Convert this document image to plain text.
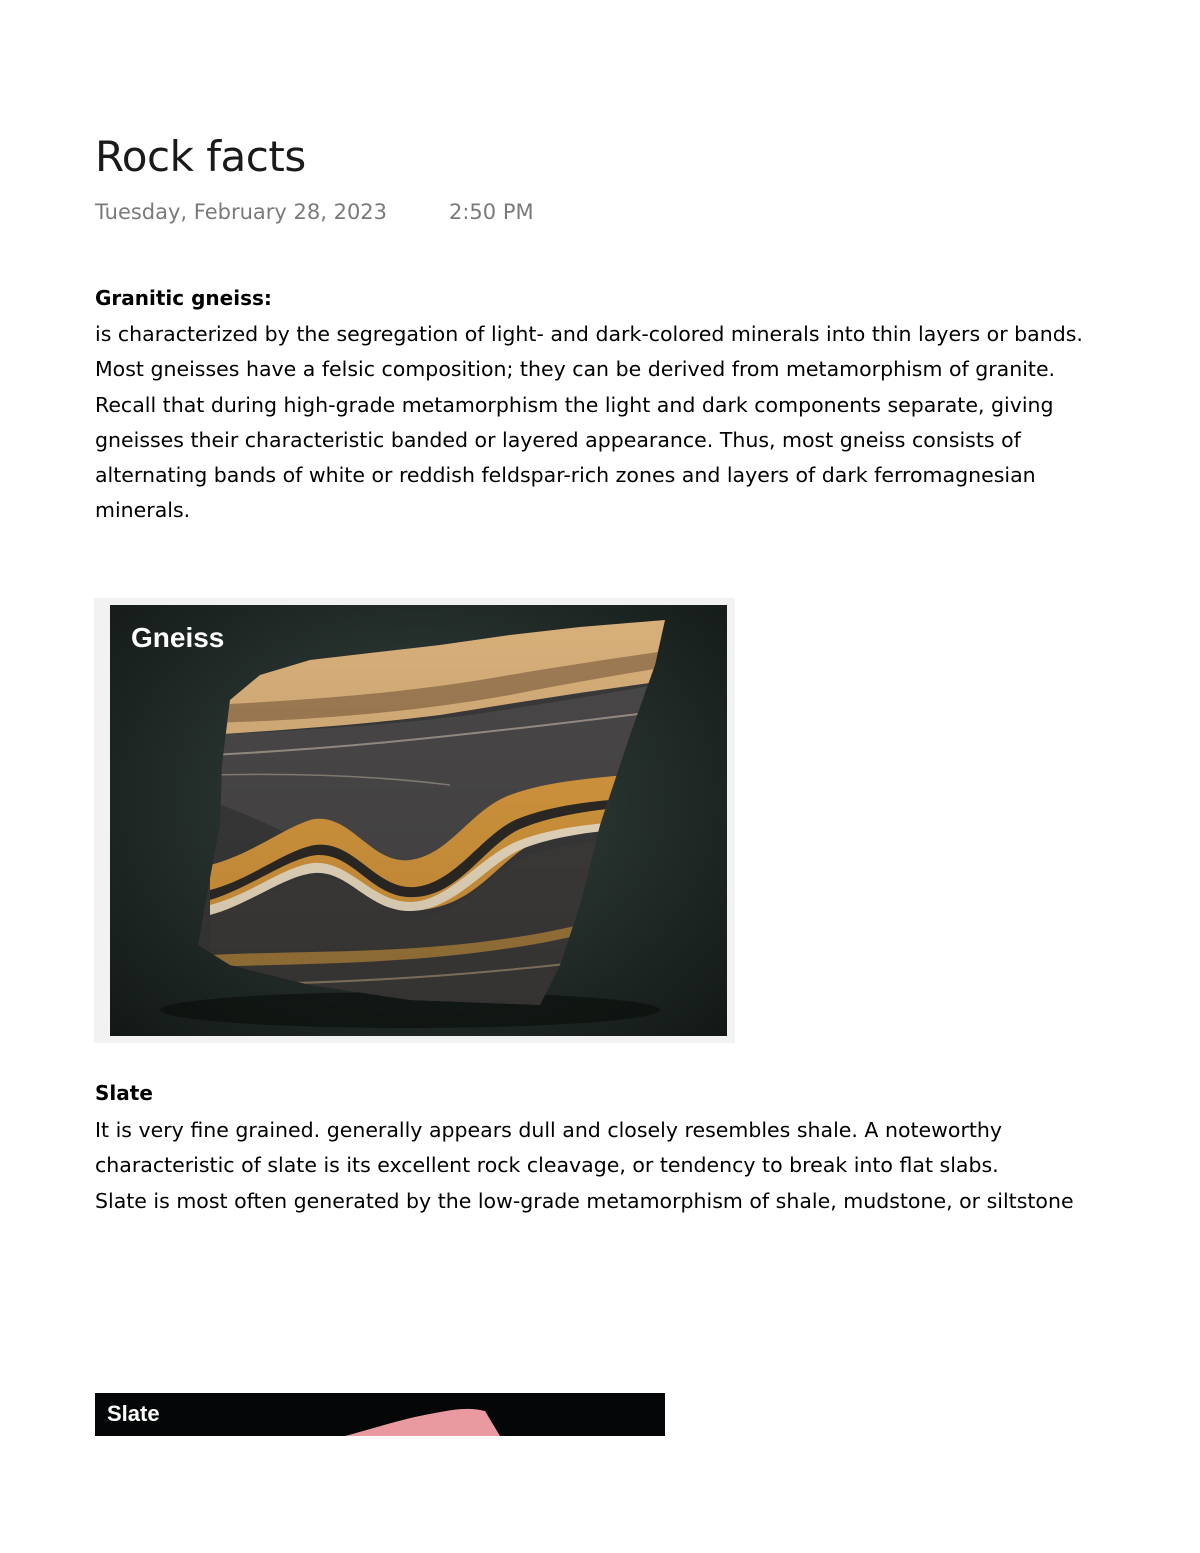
Rock facts
Tuesday, February 28, 2023	2:50 PM
Granitic gneiss:

is characterized by the segregation of light- and dark-colored minerals into thin layers or bands.

Most gneisses have a felsic composition; they can be derived from metamorphism of granite. Recall that during high-grade metamorphism the light and dark components separate, giving gneisses their characteristic banded or layered appearance. Thus, most gneiss consists of alternating bands of white or reddish feldspar-rich zones and layers of dark ferromagnesian minerals.

Gneiss
Slate

It is very fine grained. generally appears dull and closely resembles shale. A noteworthy characteristic of slate is its excellent rock cleavage, or tendency to break into flat slabs.

Slate is most often generated by the low-grade metamorphism of shale, mudstone, or siltstone

Slate
